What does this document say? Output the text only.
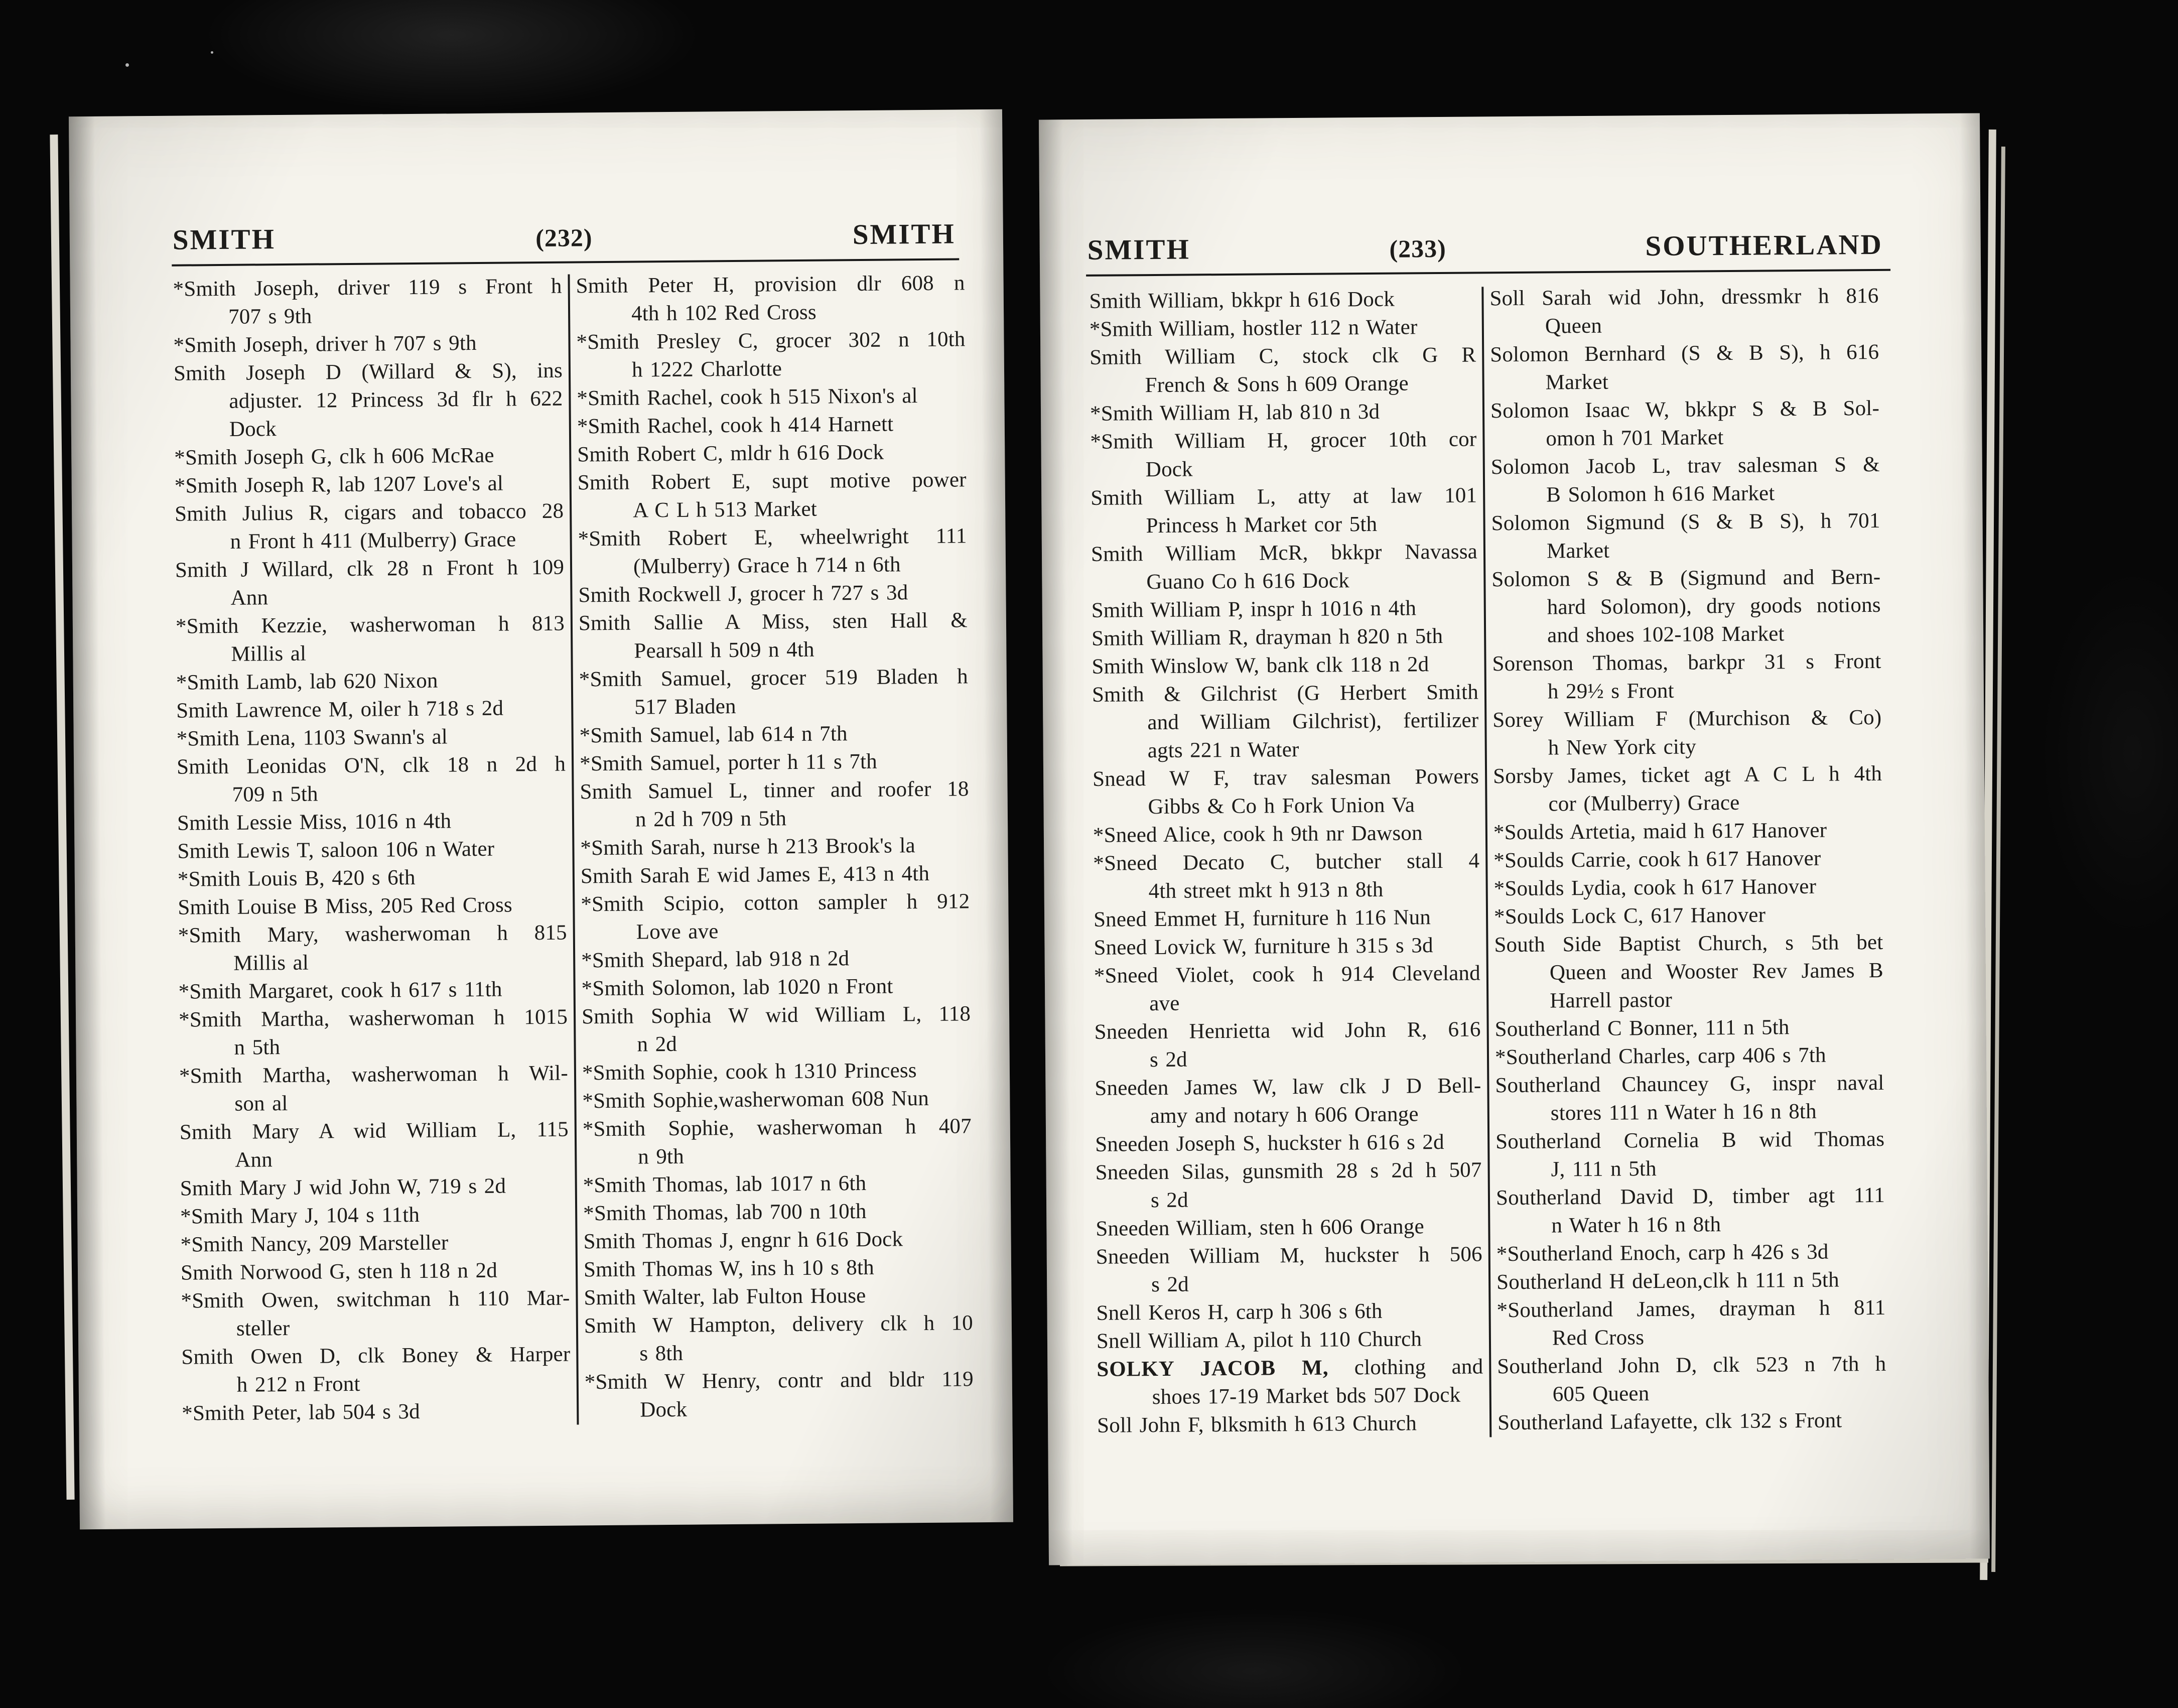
SMITH	(232)	SMITH

*Smith Joseph, driver 119 s Front h
707 s 9th

*Smith Joseph, driver h 707 s 9th

Smith Joseph D (Willard & S), ins
adjuster. 12 Princess 3d flr h 622
Dock

*Smith Joseph G, clk h 606 McRae

*Smith Joseph R, lab 1207 Love's al

Smith Julius R, cigars and tobacco 28
n Front h 411 (Mulberry) Grace

Smith J Willard, clk 28 n Front h 109
Ann

*Smith Kezzie, washerwoman h 813
Millis al

*Smith Lamb, lab 620 Nixon

Smith Lawrence M, oiler h 718 s 2d

*Smith Lena, 1103 Swann's al

Smith Leonidas O'N, clk 18 n 2d h
709 n 5th

Smith Lessie Miss, 1016 n 4th

Smith Lewis T, saloon 106 n Water

*Smith Louis B, 420 s 6th

Smith Louise B Miss, 205 Red Cross

*Smith Mary, washerwoman h 815
Millis al

*Smith Margaret, cook h 617 s 11th

*Smith Martha, washerwoman h 1015
n 5th

*Smith Martha, washerwoman h Wil-
son al

Smith Mary A wid William L, 115
Ann

Smith Mary J wid John W, 719 s 2d

*Smith Mary J, 104 s 11th

*Smith Nancy, 209 Marsteller

Smith Norwood G, sten h 118 n 2d

*Smith Owen, switchman h 110 Mar-
steller

Smith Owen D, clk Boney & Harper
h 212 n Front

*Smith Peter, lab 504 s 3d

Smith Peter H, provision dlr 608 n
4th h 102 Red Cross

*Smith Presley C, grocer 302 n 10th
h 1222 Charlotte

*Smith Rachel, cook h 515 Nixon's al

*Smith Rachel, cook h 414 Harnett

Smith Robert C, mldr h 616 Dock

Smith Robert E, supt motive power
A C L h 513 Market

*Smith Robert E, wheelwright 111
(Mulberry) Grace h 714 n 6th

Smith Rockwell J, grocer h 727 s 3d

Smith Sallie A Miss, sten Hall &
Pearsall h 509 n 4th

*Smith Samuel, grocer 519 Bladen h
517 Bladen

*Smith Samuel, lab 614 n 7th

*Smith Samuel, porter h 11 s 7th

Smith Samuel L, tinner and roofer 18
n 2d h 709 n 5th

*Smith Sarah, nurse h 213 Brook's la

Smith Sarah E wid James E, 413 n 4th

*Smith Scipio, cotton sampler h 912
Love ave

*Smith Shepard, lab 918 n 2d

*Smith Solomon, lab 1020 n Front

Smith Sophia W wid William L, 118
n 2d

*Smith Sophie, cook h 1310 Princess

*Smith Sophie,washerwoman 608 Nun

*Smith Sophie, washerwoman h 407
n 9th

*Smith Thomas, lab 1017 n 6th

*Smith Thomas, lab 700 n 10th

Smith Thomas J, engnr h 616 Dock

Smith Thomas W, ins h 10 s 8th

Smith Walter, lab Fulton House

Smith W Hampton, delivery clk h 10
s 8th

*Smith W Henry, contr and bldr 119
Dock

SMITH	(233)	SOUTHERLAND

Smith William, bkkpr h 616 Dock

*Smith William, hostler 112 n Water

Smith William C, stock clk G R
French & Sons h 609 Orange

*Smith William H, lab 810 n 3d

*Smith William H, grocer 10th cor
Dock

Smith William L, atty at law 101
Princess h Market cor 5th

Smith William McR, bkkpr Navassa
Guano Co h 616 Dock

Smith William P, inspr h 1016 n 4th

Smith William R, drayman h 820 n 5th

Smith Winslow W, bank clk 118 n 2d

Smith & Gilchrist (G Herbert Smith
and William Gilchrist), fertilizer
agts 221 n Water

Snead W F, trav salesman Powers
Gibbs & Co h Fork Union Va

*Sneed Alice, cook h 9th nr Dawson

*Sneed Decato C, butcher stall 4
4th street mkt h 913 n 8th

Sneed Emmet H, furniture h 116 Nun

Sneed Lovick W, furniture h 315 s 3d

*Sneed Violet, cook h 914 Cleveland
ave

Sneeden Henrietta wid John R, 616
s 2d

Sneeden James W, law clk J D Bell-
amy and notary h 606 Orange

Sneeden Joseph S, huckster h 616 s 2d

Sneeden Silas, gunsmith 28 s 2d h 507
s 2d

Sneeden William, sten h 606 Orange

Sneeden William M, huckster h 506
s 2d

Snell Keros H, carp h 306 s 6th

Snell William A, pilot h 110 Church

SOLKY JACOB M, clothing and
shoes 17-19 Market bds 507 Dock

Soll John F, blksmith h 613 Church

Soll Sarah wid John, dressmkr h 816
Queen

Solomon Bernhard (S & B S), h 616
Market

Solomon Isaac W, bkkpr S & B Sol-
omon h 701 Market

Solomon Jacob L, trav salesman S &
B Solomon h 616 Market

Solomon Sigmund (S & B S), h 701
Market

Solomon S & B (Sigmund and Bern-
hard Solomon), dry goods notions
and shoes 102-108 Market

Sorenson Thomas, barkpr 31 s Front
h 29½ s Front

Sorey William F (Murchison & Co)
h New York city

Sorsby James, ticket agt A C L h 4th
cor (Mulberry) Grace

*Soulds Artetia, maid h 617 Hanover

*Soulds Carrie, cook h 617 Hanover

*Soulds Lydia, cook h 617 Hanover

*Soulds Lock C, 617 Hanover

South Side Baptist Church, s 5th bet
Queen and Wooster Rev James B
Harrell pastor

Southerland C Bonner, 111 n 5th

*Southerland Charles, carp 406 s 7th

Southerland Chauncey G, inspr naval
stores 111 n Water h 16 n 8th

Southerland Cornelia B wid Thomas
J, 111 n 5th

Southerland David D, timber agt 111
n Water h 16 n 8th

*Southerland Enoch, carp h 426 s 3d

Southerland H deLeon,clk h 111 n 5th

*Southerland James, drayman h 811
Red Cross

Southerland John D, clk 523 n 7th h
605 Queen

Southerland Lafayette, clk 132 s Front
